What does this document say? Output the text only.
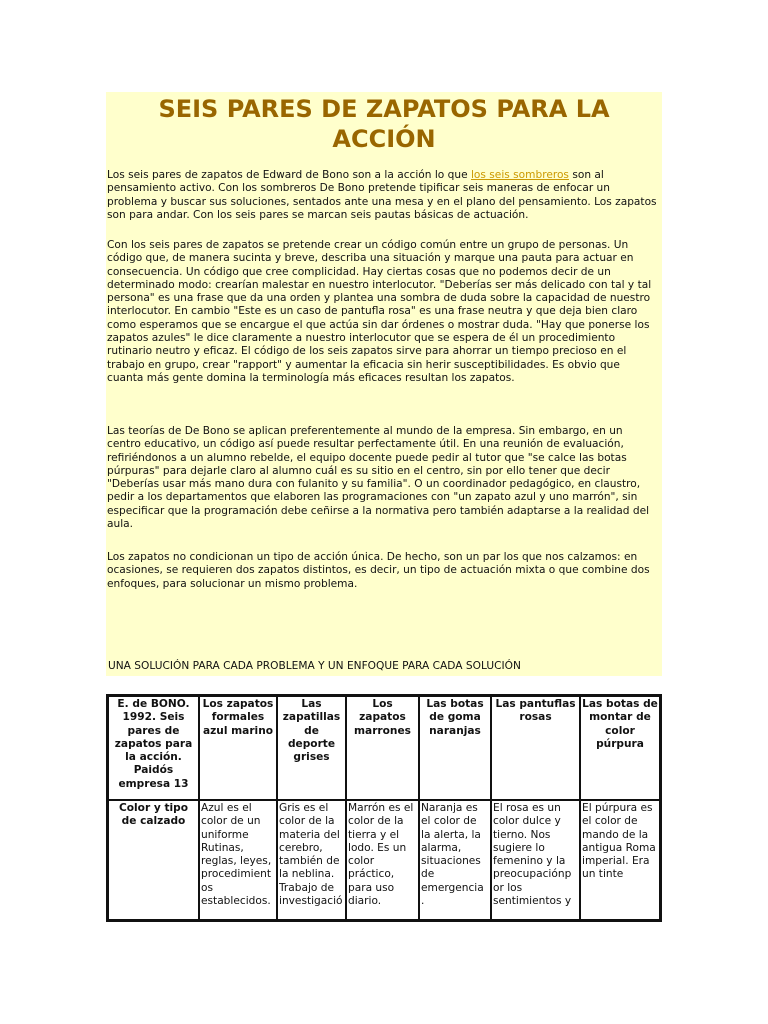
SEIS PARES DE ZAPATOS PARA LA ACCIÓN

Los seis pares de zapatos de Edward de Bono son a la acción lo que los seis sombreros son al pensamiento activo. Con los sombreros De Bono pretende tipificar seis maneras de enfocar un problema y buscar sus soluciones, sentados ante una mesa y en el plano del pensamiento. Los zapatos son para andar. Con los seis pares se marcan seis pautas básicas de actuación.

Con los seis pares de zapatos se pretende crear un código común entre un grupo de personas. Un código que, de manera sucinta y breve, describa una situación y marque una pauta para actuar en consecuencia. Un código que cree complicidad. Hay ciertas cosas que no podemos decir de un determinado modo: crearían malestar en nuestro interlocutor. "Deberías ser más delicado con tal y tal persona" es una frase que da una orden y plantea una sombra de duda sobre la capacidad de nuestro interlocutor. En cambio "Este es un caso de pantufla rosa" es una frase neutra y que deja bien claro como esperamos que se encargue el que actúa sin dar órdenes o mostrar duda. "Hay que ponerse los zapatos azules" le dice claramente a nuestro interlocutor que se espera de él un procedimiento rutinario neutro y eficaz. El código de los seis zapatos sirve para ahorrar un tiempo precioso en el trabajo en grupo, crear "rapport" y aumentar la eficacia sin herir susceptibilidades. Es obvio que cuanta más gente domina la terminología más eficaces resultan los zapatos.

Las teorías de De Bono se aplican preferentemente al mundo de la empresa. Sin embargo, en un centro educativo, un código así puede resultar perfectamente útil. En una reunión de evaluación, refiriéndonos a un alumno rebelde, el equipo docente puede pedir al tutor que "se calce las botas púrpuras" para dejarle claro al alumno cuál es su sitio en el centro, sin por ello tener que decir "Deberías usar más mano dura con fulanito y su familia". O un coordinador pedagógico, en claustro, pedir a los departamentos que elaboren las programaciones con "un zapato azul y uno marrón", sin especificar que la programación debe ceñirse a la normativa pero también adaptarse a la realidad del aula.

Los zapatos no condicionan un tipo de acción única. De hecho, son un par los que nos calzamos: en ocasiones, se requieren dos zapatos distintos, es decir, un tipo de actuación mixta o que combine dos enfoques, para solucionar un mismo problema.

UNA SOLUCIÓN PARA CADA PROBLEMA Y UN ENFOQUE PARA CADA SOLUCIÓN

E. de BONO. 1992. Seis pares de zapatos para la acción. Paidós empresa 13	Los zapatos formales azul marino	Las zapatillas de deporte grises	Los zapatos marrones	Las botas de goma naranjas	Las pantuflas rosas	Las botas de montar de color púrpura
Color y tipo de calzado	Azul es el color de un uniforme Rutinas, reglas, leyes, procedimient os establecidos.	Gris es el color de la materia del cerebro, también de la neblina. Trabajo de investigació	Marrón es el color de la tierra y el lodo. Es un color práctico, para uso diario.	Naranja es el color de la alerta, la alarma, situaciones de emergencia .	El rosa es un color dulce y tierno. Nos sugiere lo femenino y la preocupaciónp or los sentimientos y	El púrpura es el color de mando de la antigua Roma imperial. Era un tinte
